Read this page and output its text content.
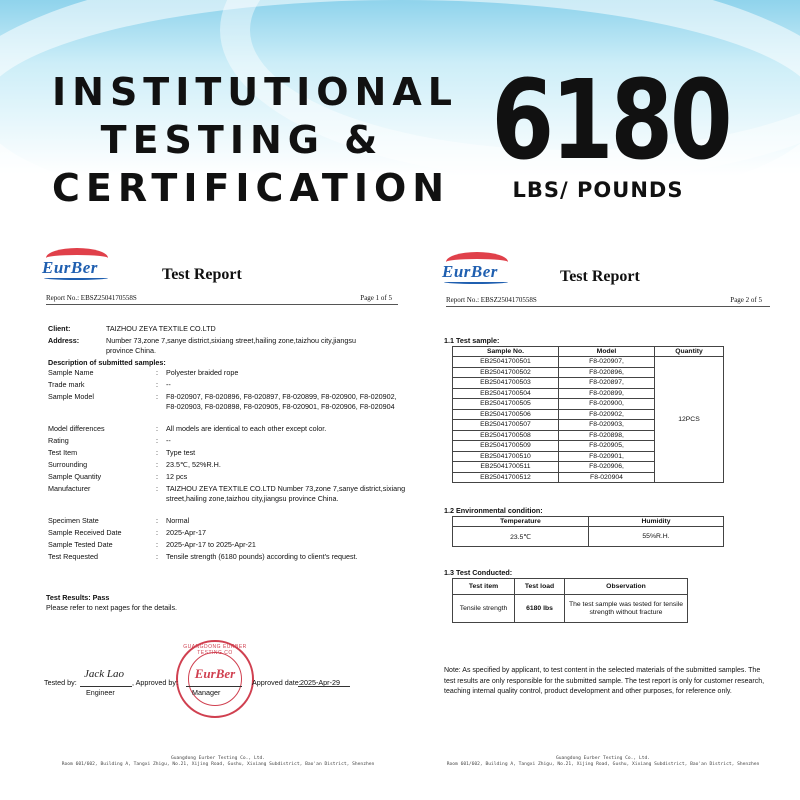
INSTITUTIONAL
TESTING &
CERTIFICATION
6180
LBS/ POUNDS
EurBer	Test Report
Report No.: EBSZ2504170558S	Page 1 of 5
Client:	TAIZHOU ZEYA TEXTILE CO.LTD
Address:	Number 73,zone 7,sanye district,sixiang street,hailing zone,taizhou city,jiangsu province China.
Description of submitted samples:
Sample Name	: Polyester braided rope
Trade mark	: --
Sample Model	: F8-020907, F8-020896, F8-020897, F8-020899, F8-020900, F8-020902, F8-020903, F8-020898, F8-020905, F8-020901, F8-020906, F8-020904
Model differences	: All models are identical to each other except color.
Rating	: --
Test Item	: Type test
Surrounding	: 23.5℃, 52%R.H.
Sample Quantity	: 12 pcs
Manufacturer	: TAIZHOU ZEYA TEXTILE CO.LTD Number 73,zone 7,sanye district,sixiang street,hailing zone,taizhou city,jiangsu province China.
Specimen State	: Normal
Sample Received Date	: 2025-Apr-17
Sample Tested Date	: 2025-Apr-17 to 2025-Apr-21
Test Requested	: Tensile strength (6180 pounds) according to client's request.
Test Results: Pass
Please refer to next pages for the details.
GUANGDONG EURBER TESTING CO
EurBer
Tested by:
Jack Lao
, Approved by:	Approved date: 2025-Apr-29
Engineer	Manager
Guangdong Eurber Testing Co., Ltd.
Room 601/602, Building A, Tangxi Zhigu, No.21, Xijing Road, Gushu, Xixiang Subdistrict, Bao'an District, Shenzhen
EurBer	Test Report
Report No.: EBSZ2504170558S	Page 2 of 5
1.1 Test sample:
Sample No.	Model	Quantity
EB25041700501	F8-020907,	12PCS
EB25041700502	F8-020896,	
EB25041700503	F8-020897,	
EB25041700504	F8-020899,	
EB25041700505	F8-020900,	
EB25041700506	F8-020902,	
EB25041700507	F8-020903,	
EB25041700508	F8-020898,	
EB25041700509	F8-020905,	
EB25041700510	F8-020901,	
EB25041700511	F8-020906,	
EB25041700512	F8-020904	
1.2 Environmental condition:
Temperature	Humidity
23.5℃	55%R.H.
1.3 Test Conducted:
Test item	Test load	Observation
Tensile strength	6180 lbs	The test sample was tested for tensile strength without fracture
Note: As specified by applicant, to test content in the selected materials of the submitted samples. The test results are only responsible for the submitted sample. The test report is only for customer research, teaching internal quality control, product development and other purposes, for reference only.
Guangdong Eurber Testing Co., Ltd.
Room 601/602, Building A, Tangxi Zhigu, No.21, Xijing Road, Gushu, Xixiang Subdistrict, Bao'an District, Shenzhen
